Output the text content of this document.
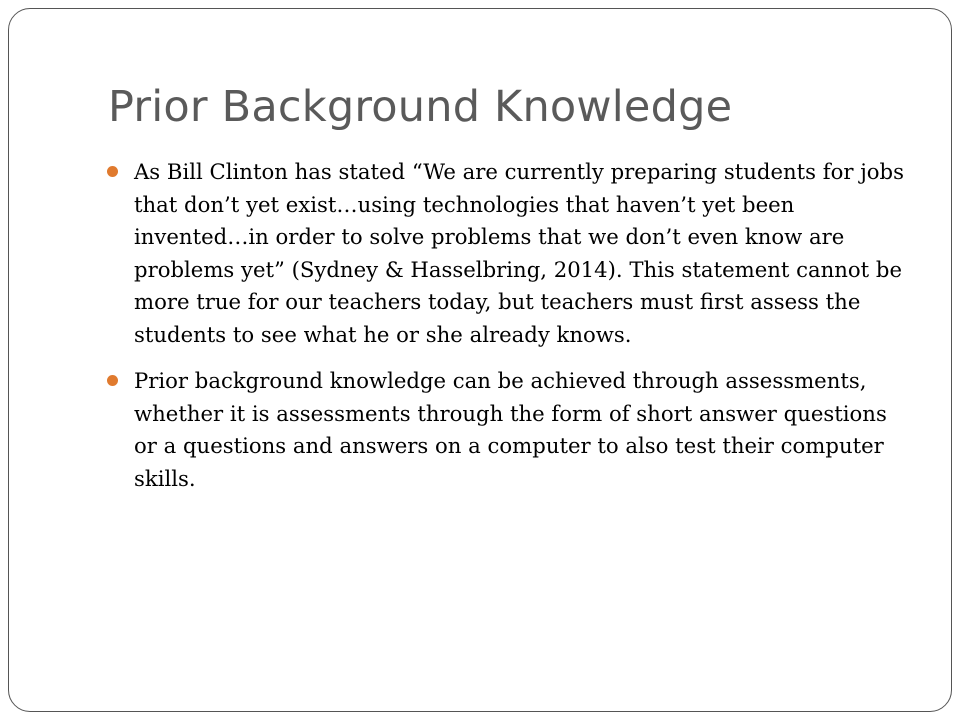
Prior Background Knowledge
As Bill Clinton has stated “We are currently preparing students for jobs that don’t yet exist…using technologies that haven’t yet been invented…in order to solve problems that we don’t even know are problems yet” (Sydney & Hasselbring, 2014). This statement cannot be more true for our teachers today, but teachers must first assess the students to see what he or she already knows.
Prior background knowledge can be achieved through assessments, whether it is assessments through the form of short answer questions or a questions and answers on a computer to also test their computer skills.
